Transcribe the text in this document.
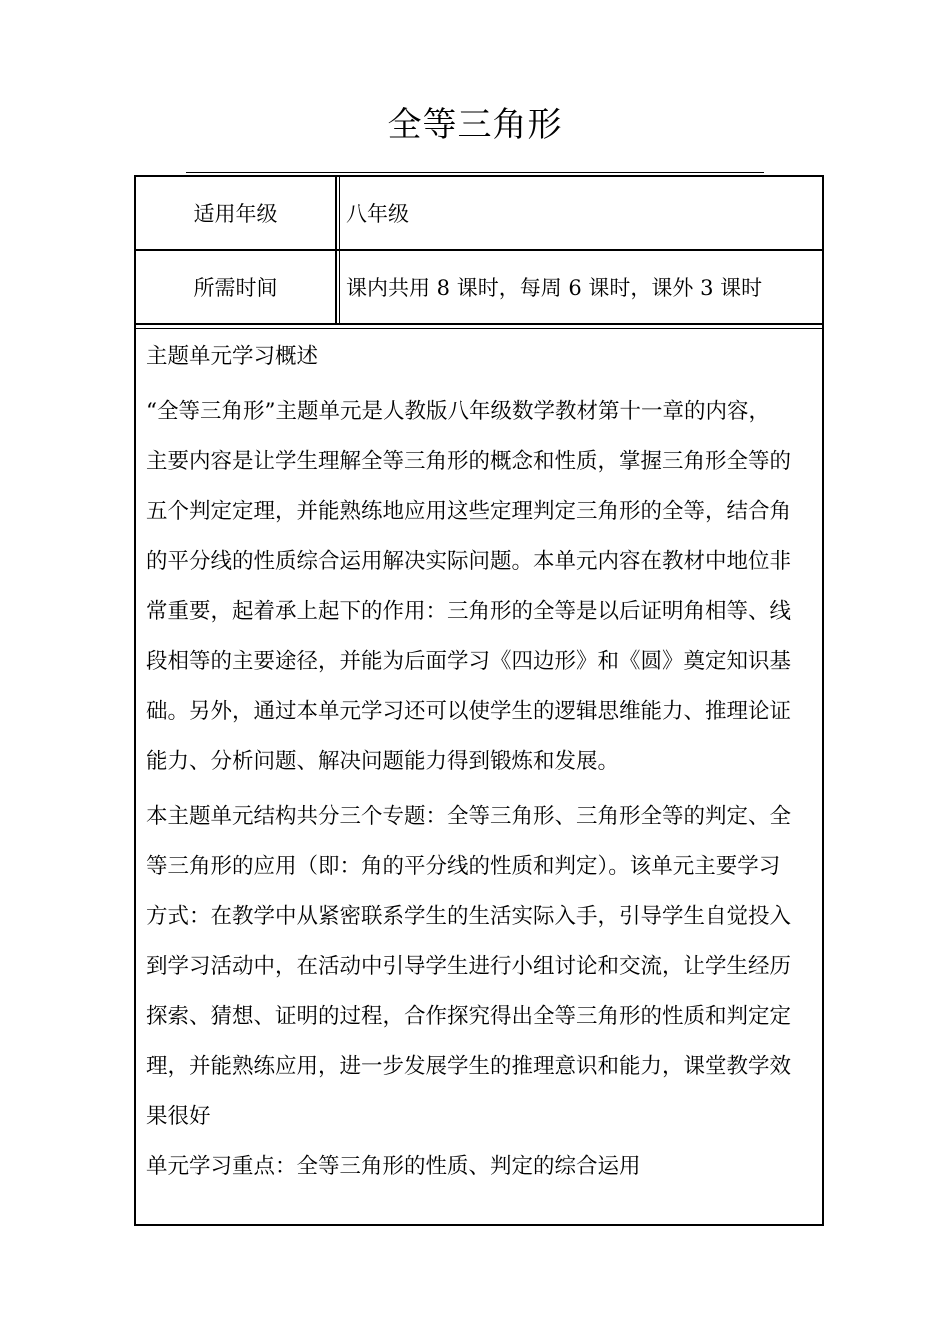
全等三角形
适用年级	八年级
所需时间	课内共用 8 课时，每周 6 课时，课外 3 课时
主题单元学习概述
“全等三角形”主题单元是人教版八年级数学教材第十一章的内容，
主要内容是让学生理解全等三角形的概念和性质，掌握三角形全等的
五个判定定理，并能熟练地应用这些定理判定三角形的全等，结合角
的平分线的性质综合运用解决实际问题。本单元内容在教材中地位非
常重要，起着承上起下的作用：三角形的全等是以后证明角相等、线
段相等的主要途径，并能为后面学习《四边形》和《圆》奠定知识基
础。另外，通过本单元学习还可以使学生的逻辑思维能力、推理论证
能力、分析问题、解决问题能力得到锻炼和发展。
本主题单元结构共分三个专题：全等三角形、三角形全等的判定、全
等三角形的应用（即：角的平分线的性质和判定）。该单元主要学习
方式：在教学中从紧密联系学生的生活实际入手，引导学生自觉投入
到学习活动中，在活动中引导学生进行小组讨论和交流，让学生经历
探索、猜想、证明的过程，合作探究得出全等三角形的性质和判定定
理，并能熟练应用，进一步发展学生的推理意识和能力，课堂教学效
果很好
单元学习重点：全等三角形的性质、判定的综合运用
